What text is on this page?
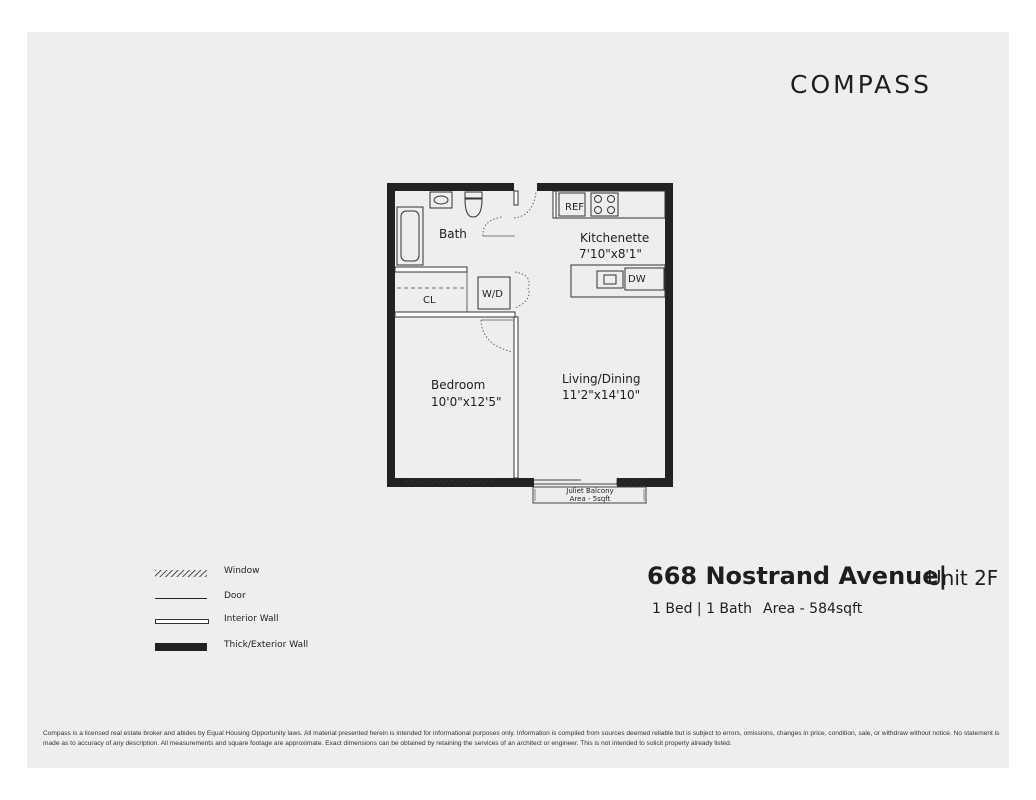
COMPASS
Bath	Kitchenette
7'10"x8'1"
REF
DW
CL
W/D
Bedroom
10'0"x12'5"
Living/Dining
11'2"x14'10"
Juliet Balcony
Area - 5sqft
Window
Door
Interior Wall
Thick/Exterior Wall
668 Nostrand Avenue|
Unit 2F
1 Bed | 1 Bath Area - 584sqft
Compass is a licensed real estate broker and abides by Equal Housing Opportunity laws. All material presented herein is intended for informational purposes only. Information is compiled from sources deemed reliable but is subject to errors, omissions, changes in price, condition, sale, or withdraw without notice. No statement is made as to accuracy of any description. All measurements and square footage are approximate. Exact dimensions can be obtained by retaining the services of an architect or engineer. This is not intended to solicit property already listed.
